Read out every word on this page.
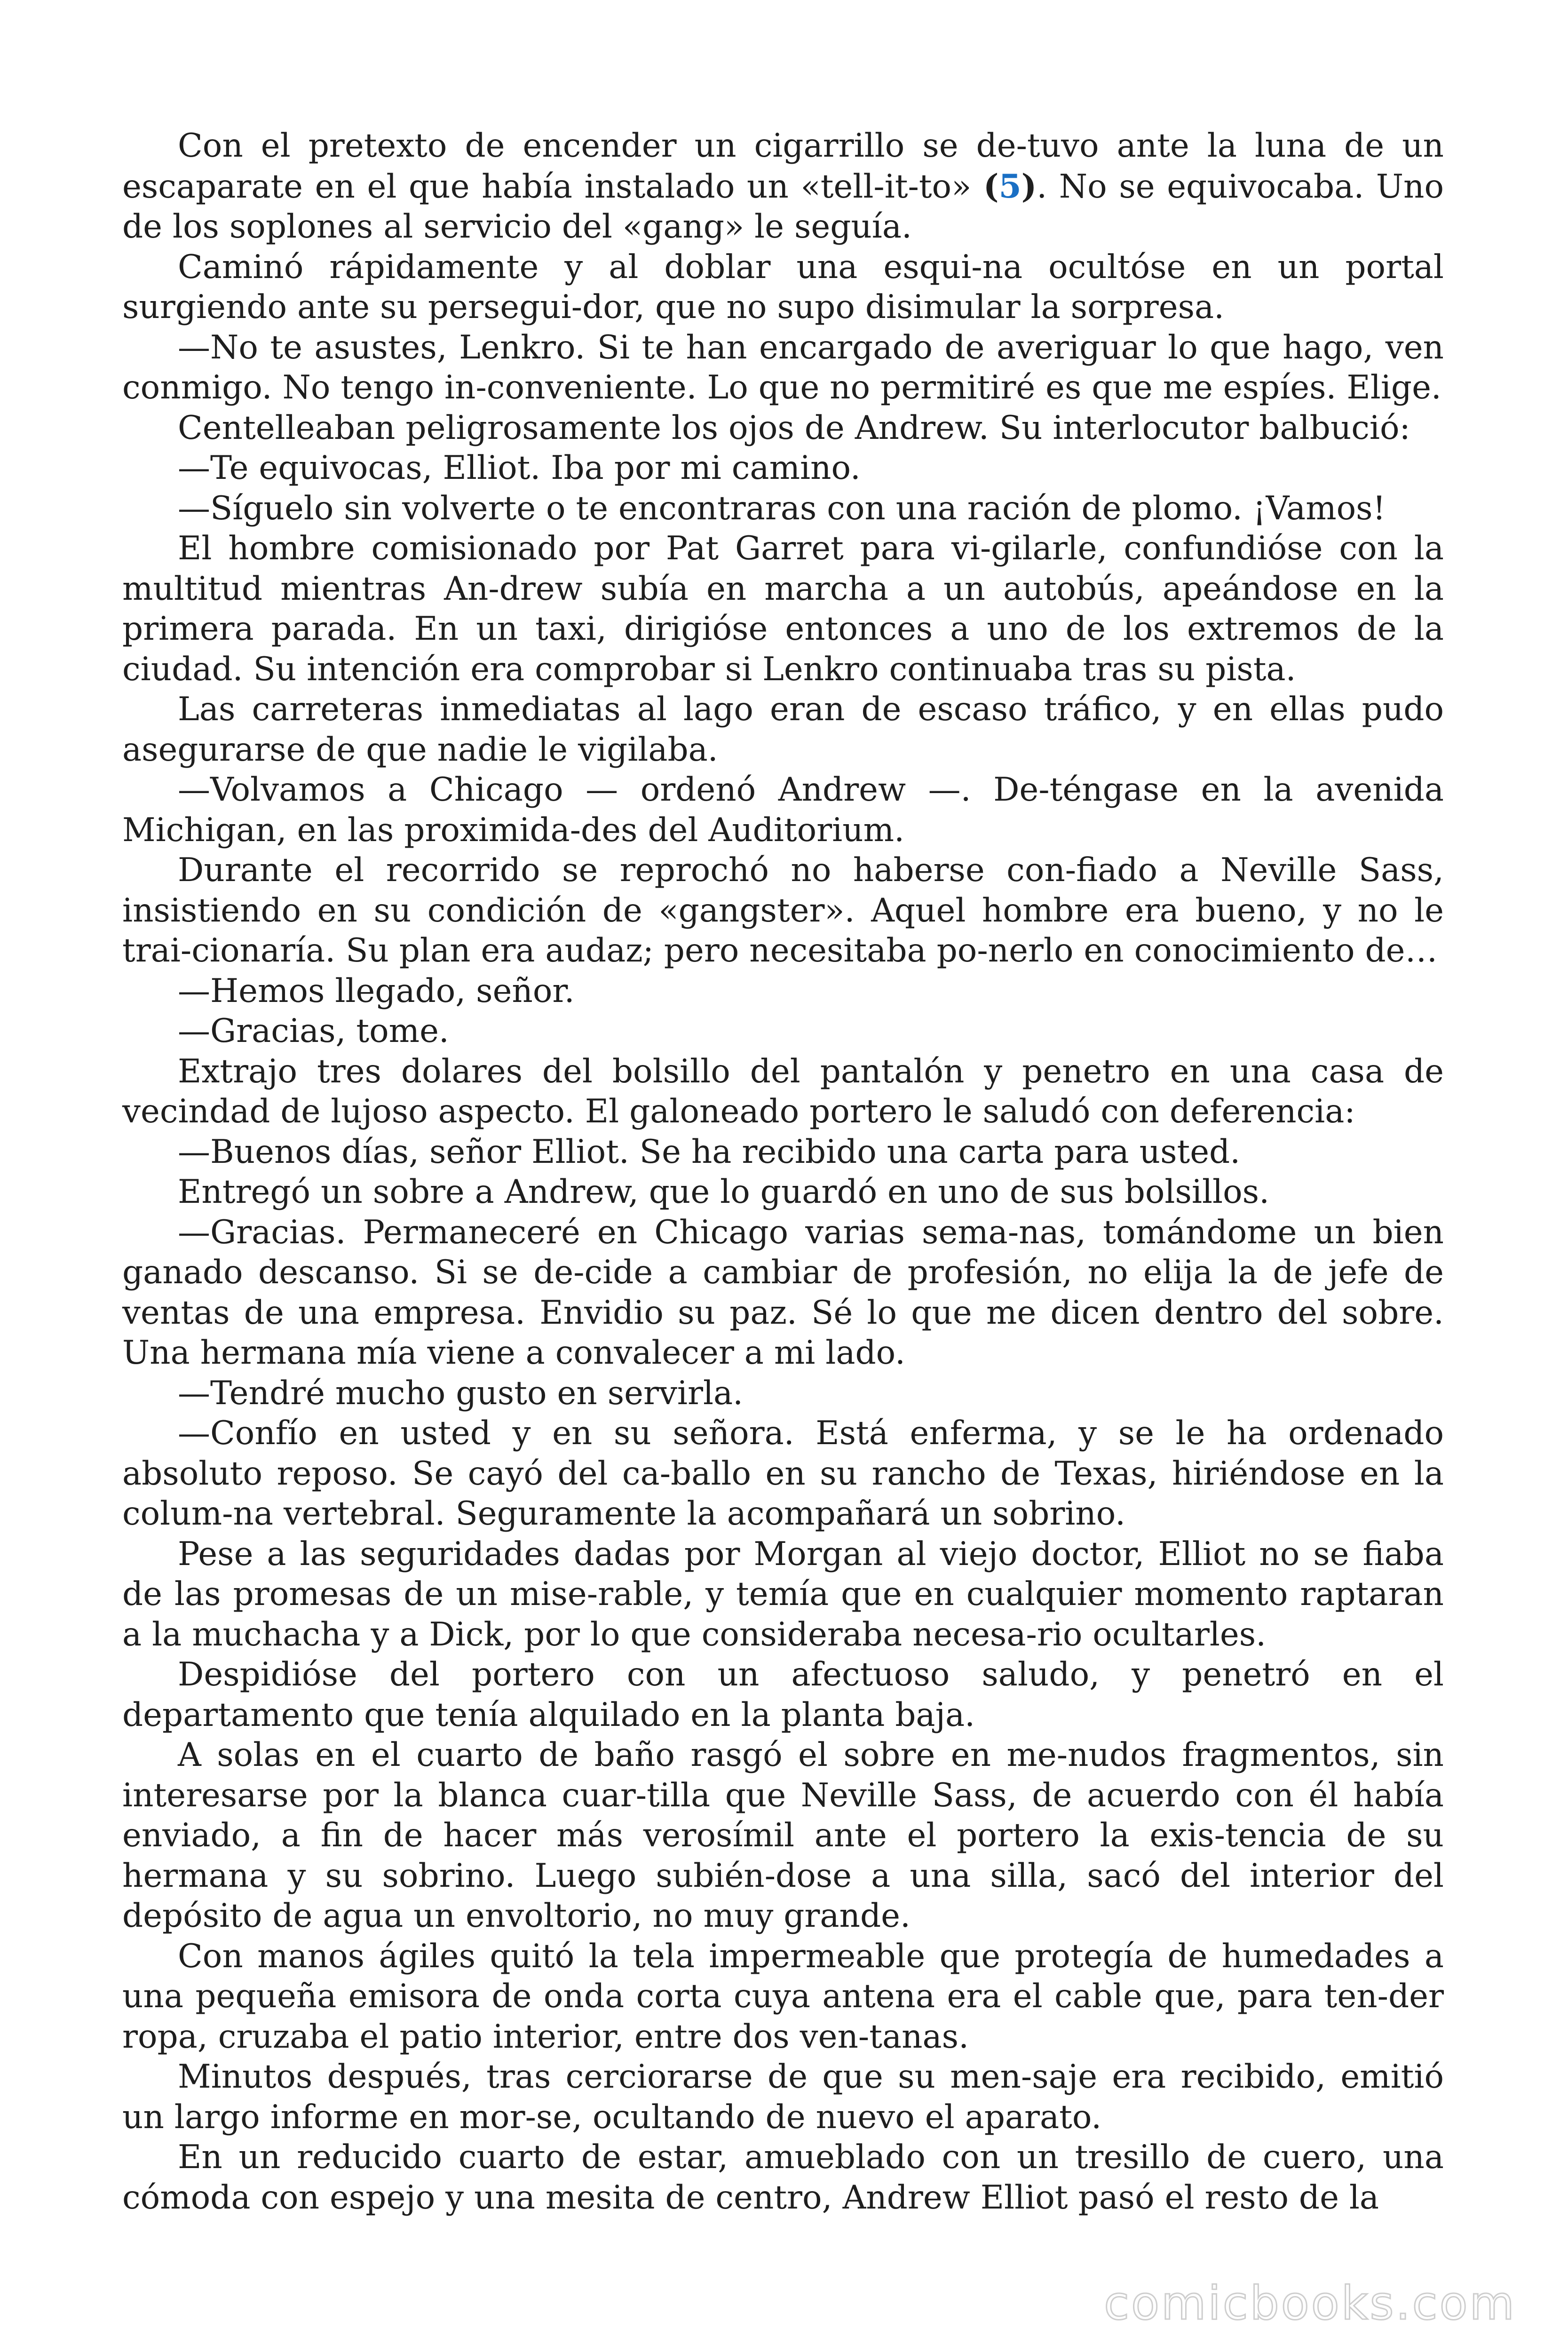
Con el pretexto de encender un cigarrillo se de-tuvo ante la luna de un escaparate en el que había instalado un «tell-it-to» (5). No se equivocaba. Uno de los soplones al servicio del «gang» le seguía.

Caminó rápidamente y al doblar una esqui-na ocultóse en un portal surgiendo ante su persegui-dor, que no supo disimular la sorpresa.

—No te asustes, Lenkro. Si te han encargado de averiguar lo que hago, ven conmigo. No tengo in-conveniente. Lo que no permitiré es que me espíes. Elige.

Centelleaban peligrosamente los ojos de Andrew. Su interlocutor balbució:

—Te equivocas, Elliot. Iba por mi camino.

—Síguelo sin volverte o te encontraras con una ración de plomo. ¡Vamos!

El hombre comisionado por Pat Garret para vi-gilarle, confundióse con la multitud mientras An-drew subía en marcha a un autobús, apeándose en la primera parada. En un taxi, dirigióse entonces a uno de los extremos de la ciudad. Su intención era comprobar si Lenkro continuaba tras su pista.

Las carreteras inmediatas al lago eran de escaso tráfico, y en ellas pudo asegurarse de que nadie le vigilaba.

—Volvamos a Chicago — ordenó Andrew —. De-téngase en la avenida Michigan, en las proximida-des del Auditorium.

Durante el recorrido se reprochó no haberse con-fiado a Neville Sass, insistiendo en su condición de «gangster». Aquel hombre era bueno, y no le trai-cionaría. Su plan era audaz; pero necesitaba po-nerlo en conocimiento de…

—Hemos llegado, señor.

—Gracias, tome.

Extrajo tres dolares del bolsillo del pantalón y penetro en una casa de vecindad de lujoso aspecto. El galoneado portero le saludó con deferencia:

—Buenos días, señor Elliot. Se ha recibido una carta para usted.

Entregó un sobre a Andrew, que lo guardó en uno de sus bolsillos.

—Gracias. Permaneceré en Chicago varias sema-nas, tomándome un bien ganado descanso. Si se de-cide a cambiar de profesión, no elija la de jefe de ventas de una empresa. Envidio su paz. Sé lo que me dicen dentro del sobre. Una hermana mía viene a convalecer a mi lado.

—Tendré mucho gusto en servirla.

—Confío en usted y en su señora. Está enferma, y se le ha ordenado absoluto reposo. Se cayó del ca-ballo en su rancho de Texas, hiriéndose en la colum-na vertebral. Seguramente la acompañará un sobrino.

Pese a las seguridades dadas por Morgan al viejo doctor, Elliot no se fiaba de las promesas de un mise-rable, y temía que en cualquier momento raptaran a la muchacha y a Dick, por lo que consideraba necesa-rio ocultarles.

Despidióse del portero con un afectuoso saludo, y penetró en el departamento que tenía alquilado en la planta baja.

A solas en el cuarto de baño rasgó el sobre en me-nudos fragmentos, sin interesarse por la blanca cuar-tilla que Neville Sass, de acuerdo con él había enviado, a fin de hacer más verosímil ante el portero la exis-tencia de su hermana y su sobrino. Luego subién-dose a una silla, sacó del interior del depósito de agua un envoltorio, no muy grande.

Con manos ágiles quitó la tela impermeable que protegía de humedades a una pequeña emisora de onda corta cuya antena era el cable que, para ten-der ropa, cruzaba el patio interior, entre dos ven-tanas.

Minutos después, tras cerciorarse de que su men-saje era recibido, emitió un largo informe en mor-se, ocultando de nuevo el aparato.

En un reducido cuarto de estar, amueblado con un tresillo de cuero, una cómoda con espejo y una mesita de centro, Andrew Elliot pasó el resto de la

comicbooks.com
